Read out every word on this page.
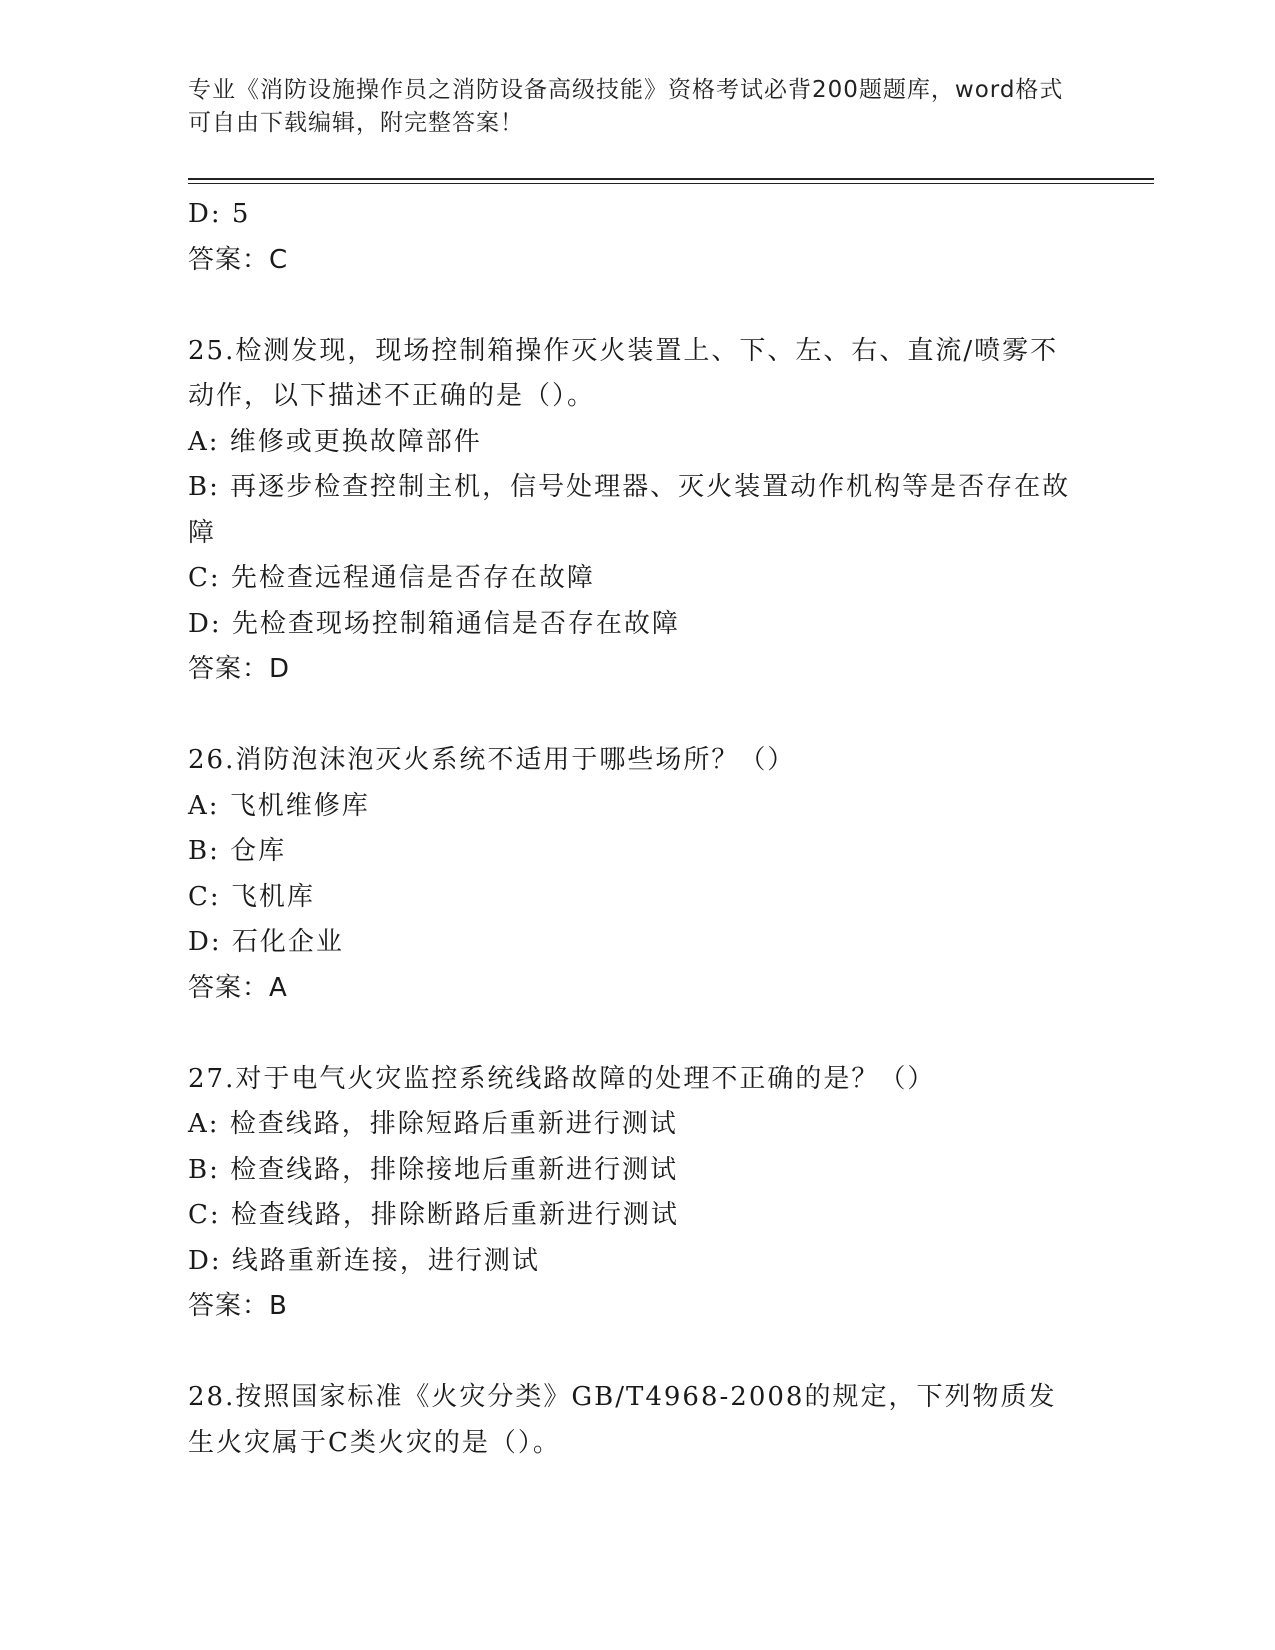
专业《消防设施操作员之消防设备高级技能》资格考试必背200题题库，word格式可自由下载编辑，附完整答案！
D: 5
答案：C
25.检测发现，现场控制箱操作灭火装置上、下、左、右、直流/喷雾不动作，以下描述不正确的是（）。
A: 维修或更换故障部件
B: 再逐步检查控制主机，信号处理器、灭火装置动作机构等是否存在故障
C: 先检查远程通信是否存在故障
D: 先检查现场控制箱通信是否存在故障
答案：D
26.消防泡沫泡灭火系统不适用于哪些场所？（）
A: 飞机维修库
B: 仓库
C: 飞机库
D: 石化企业
答案：A
27.对于电气火灾监控系统线路故障的处理不正确的是？（）
A: 检查线路，排除短路后重新进行测试
B: 检查线路，排除接地后重新进行测试
C: 检查线路，排除断路后重新进行测试
D: 线路重新连接，进行测试
答案：B
28.按照国家标准《火灾分类》GB/T4968-2008的规定，下列物质发生火灾属于C类火灾的是（）。
